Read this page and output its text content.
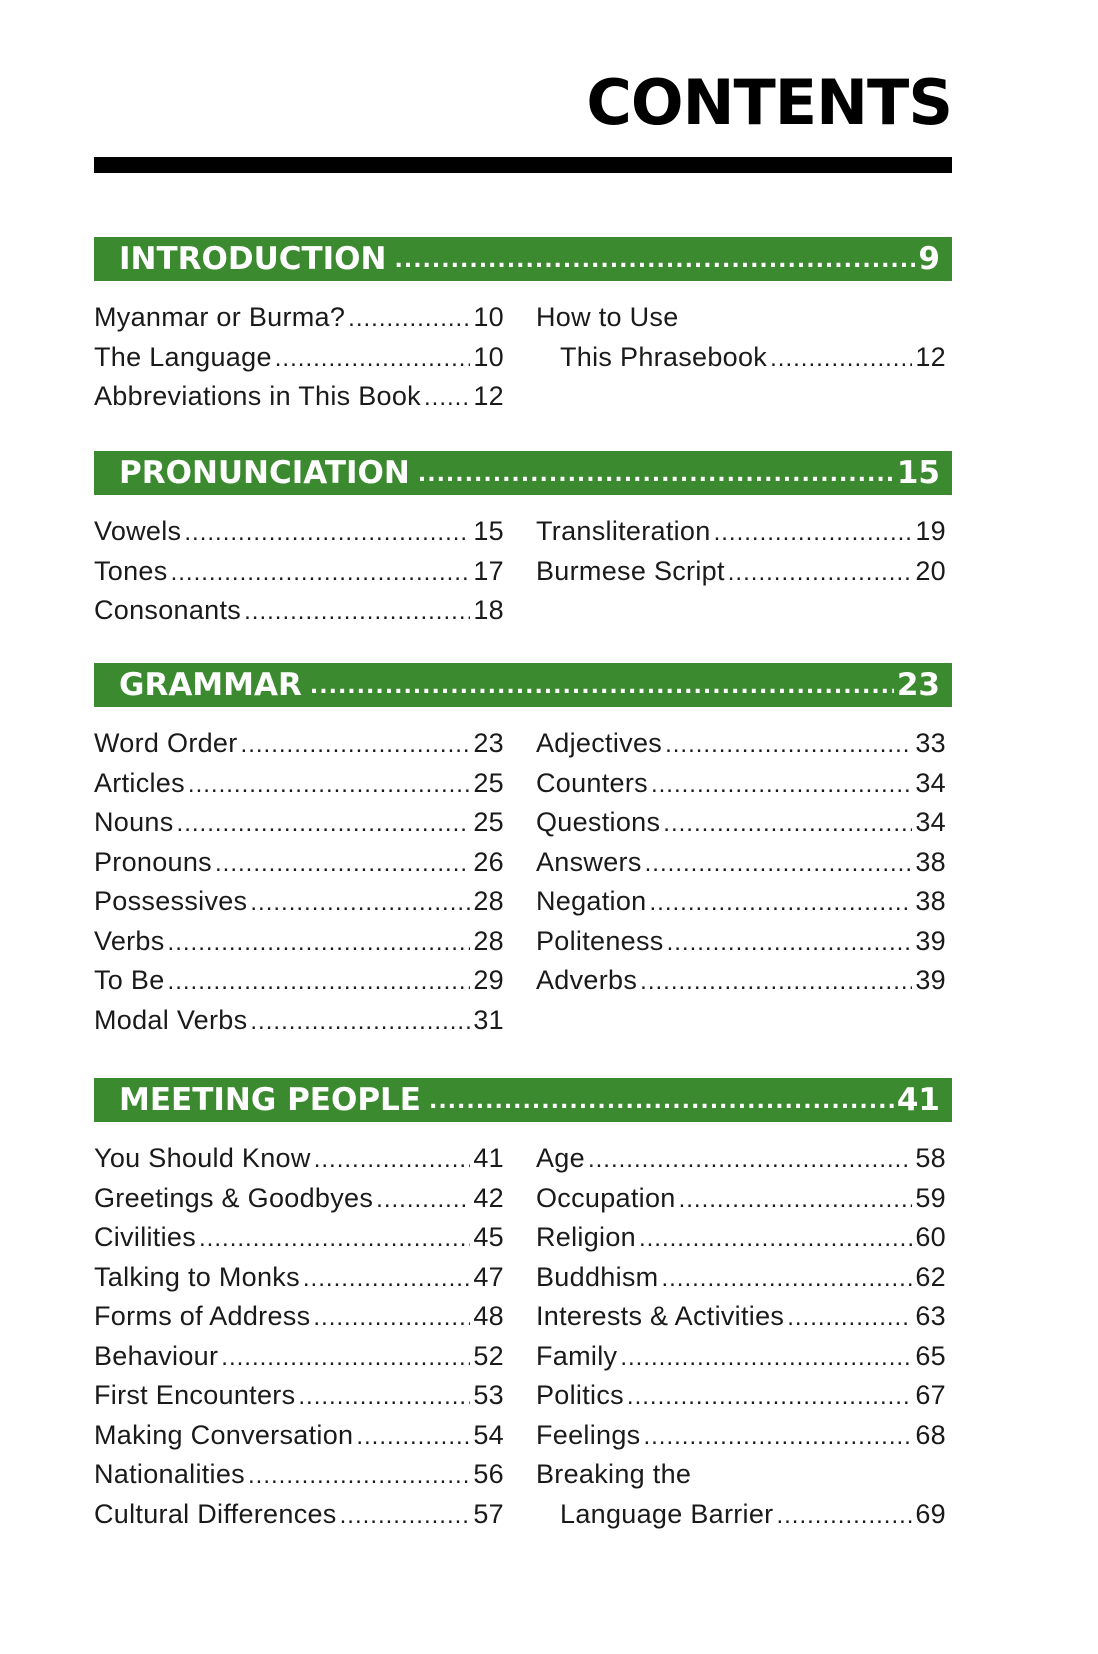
CONTENTS
INTRODUCTION .....	9
Myanmar or Burma? .....	10
The Language .....	10
Abbreviations in This Book ..... 12
How to Use
This Phrasebook .....	12
PRONUNCIATION .....	15
Vowels .....	15
Tones .....	17
Consonants .....	18
Transliteration .....	19
Burmese Script .....	20
GRAMMAR .....	23
Word Order .....	23
Articles .....	25
Nouns .....	25
Pronouns .....	26
Possessives .....	28
Verbs .....	28
To Be .....	29
Modal Verbs .....	31
Adjectives .....	33
Counters .....	34
Questions .....	34
Answers .....	38
Negation .....	38
Politeness .....	39
Adverbs .....	39
MEETING PEOPLE .....	41
You Should Know .....	41
Greetings & Goodbyes .....	42
Civilities .....	45
Talking to Monks .....	47
Forms of Address .....	48
Behaviour .....	52
First Encounters .....	53
Making Conversation .....	54
Nationalities .....	56
Cultural Differences .....	57
Age .....	58
Occupation .....	59
Religion .....	60
Buddhism .....	62
Interests & Activities .....	63
Family .....	65
Politics .....	67
Feelings .....	68
Breaking the
Language Barrier .....	69
